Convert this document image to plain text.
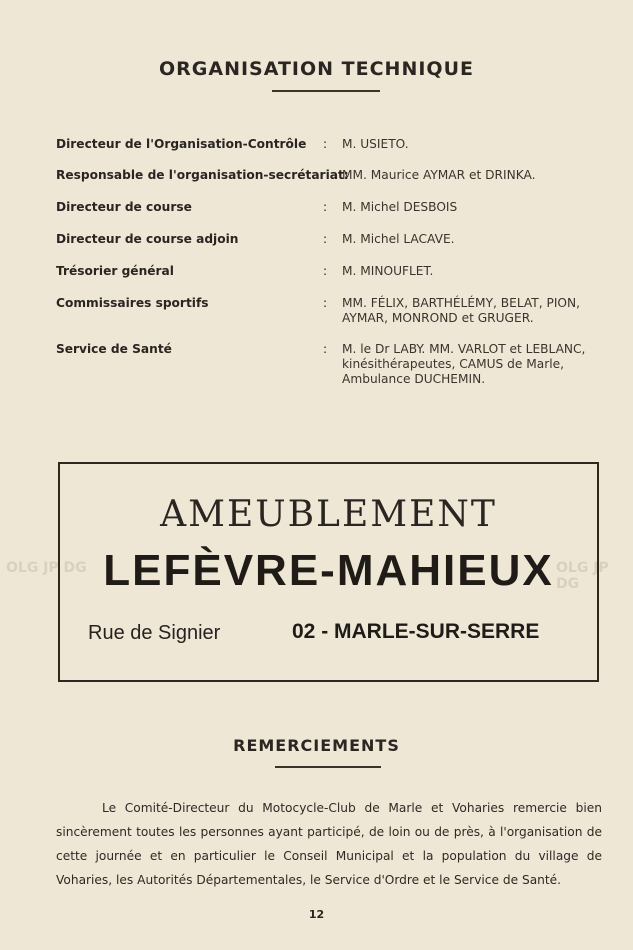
ORGANISATION TECHNIQUE
Directeur de l'Organisation-Contrôle : M. USIETO.
Responsable de l'organisation-secrétariat:
MM. Maurice AYMAR et DRINKA.
Directeur de course	: M. Michel DESBOIS
Directeur de course adjoin	: M. Michel LACAVE.
Trésorier général	: M. MINOUFLET.
Commissaires sportifs	: MM. FÉLIX, BARTHÉLÉMY, BELAT, PION, AYMAR, MONROND et GRUGER.
Service de Santé	: M. le Dr LABY. MM. VARLOT et LEBLANC, kinésithérapeutes, CAMUS de Marle, Ambulance DUCHEMIN.
OLG JP DG	OLG JP DG
AMEUBLEMENT
LEFÈVRE-MAHIEUX
Rue de Signier	02 - MARLE-SUR-SERRE
REMERCIEMENTS
Le Comité-Directeur du Motocycle-Club de Marle et Voharies remercie bien sincèrement toutes les personnes ayant participé, de loin ou de près, à l'organisation de cette journée et en particulier le Conseil Municipal et la population du village de Voharies, les Autorités Départementales, le Service d'Ordre et le Service de Santé.
12
